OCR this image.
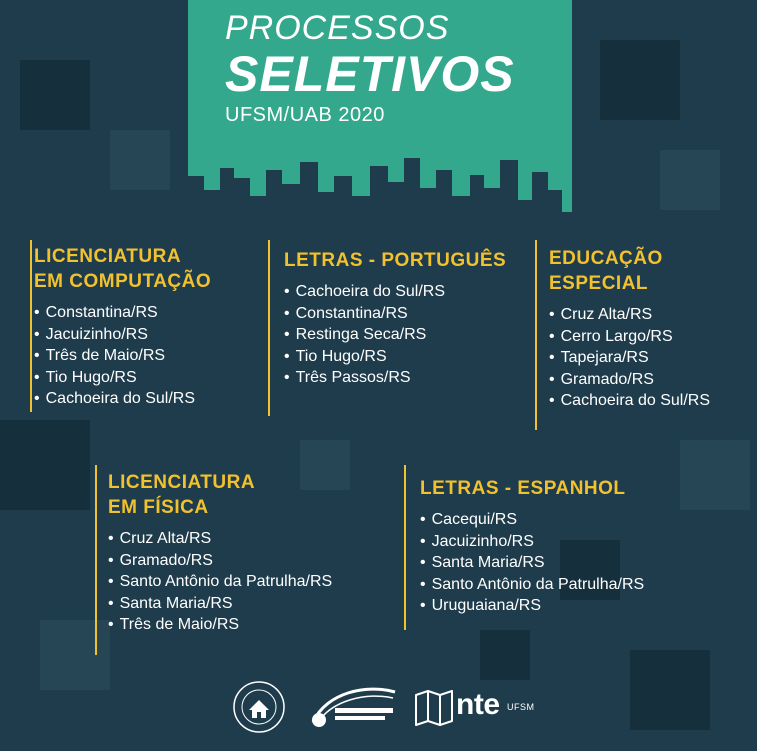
PROCESSOS
SELETIVOS
UFSM/UAB 2020
LICENCIATURA
EM COMPUTAÇÃO
• Constantina/RS
• Jacuizinho/RS
• Três de Maio/RS
• Tio Hugo/RS
• Cachoeira do Sul/RS
LETRAS - PORTUGUÊS
• Cachoeira do Sul/RS
• Constantina/RS
• Restinga Seca/RS
• Tio Hugo/RS
• Três Passos/RS
EDUCAÇÃO
ESPECIAL
• Cruz Alta/RS
• Cerro Largo/RS
• Tapejara/RS
• Gramado/RS
• Cachoeira do Sul/RS
LICENCIATURA
EM FÍSICA
• Cruz Alta/RS
• Gramado/RS
• Santo Antônio da Patrulha/RS
• Santa Maria/RS
• Três de Maio/RS
LETRAS - ESPANHOL
• Cacequi/RS
• Jacuizinho/RS
• Santa Maria/RS
• Santo Antônio da Patrulha/RS
• Uruguaiana/RS
nte UFSM
